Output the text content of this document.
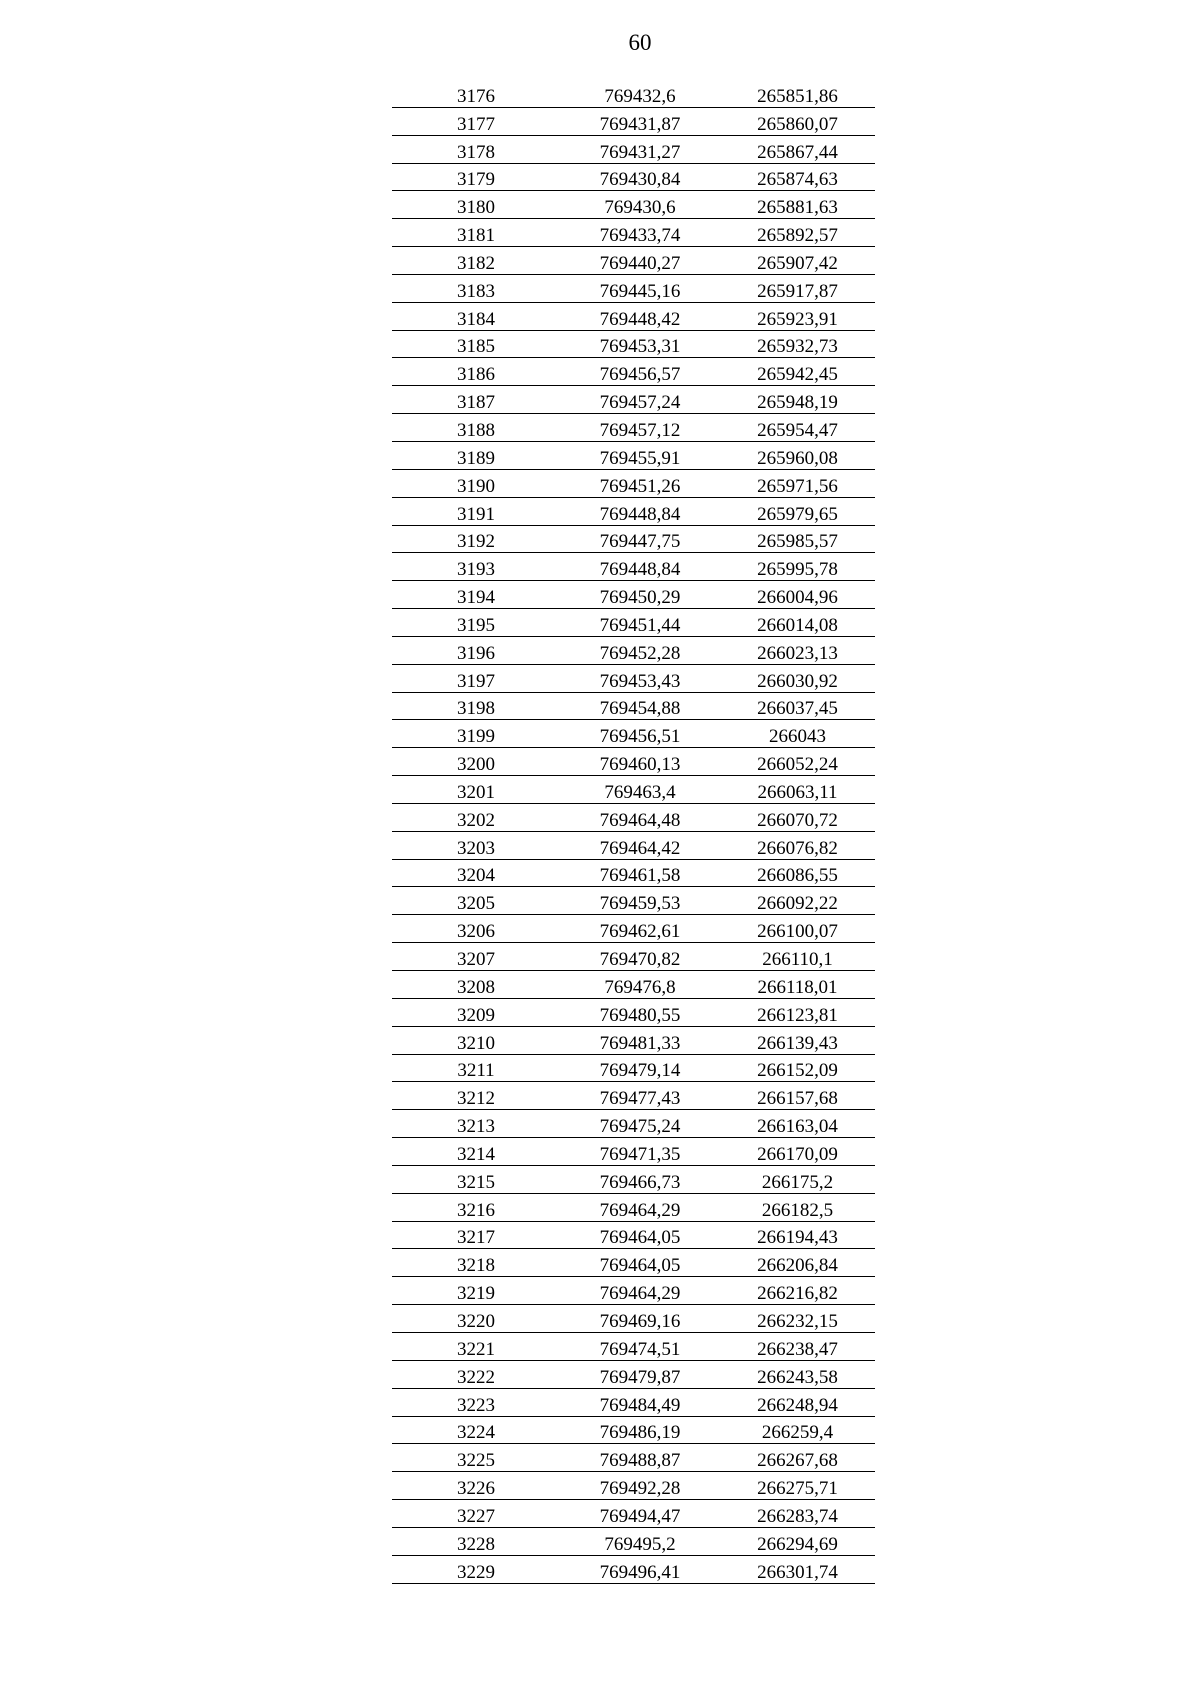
60
3176	769432,6	265851,86
3177	769431,87	265860,07
3178	769431,27	265867,44
3179	769430,84	265874,63
3180	769430,6	265881,63
3181	769433,74	265892,57
3182	769440,27	265907,42
3183	769445,16	265917,87
3184	769448,42	265923,91
3185	769453,31	265932,73
3186	769456,57	265942,45
3187	769457,24	265948,19
3188	769457,12	265954,47
3189	769455,91	265960,08
3190	769451,26	265971,56
3191	769448,84	265979,65
3192	769447,75	265985,57
3193	769448,84	265995,78
3194	769450,29	266004,96
3195	769451,44	266014,08
3196	769452,28	266023,13
3197	769453,43	266030,92
3198	769454,88	266037,45
3199	769456,51	266043
3200	769460,13	266052,24
3201	769463,4	266063,11
3202	769464,48	266070,72
3203	769464,42	266076,82
3204	769461,58	266086,55
3205	769459,53	266092,22
3206	769462,61	266100,07
3207	769470,82	266110,1
3208	769476,8	266118,01
3209	769480,55	266123,81
3210	769481,33	266139,43
3211	769479,14	266152,09
3212	769477,43	266157,68
3213	769475,24	266163,04
3214	769471,35	266170,09
3215	769466,73	266175,2
3216	769464,29	266182,5
3217	769464,05	266194,43
3218	769464,05	266206,84
3219	769464,29	266216,82
3220	769469,16	266232,15
3221	769474,51	266238,47
3222	769479,87	266243,58
3223	769484,49	266248,94
3224	769486,19	266259,4
3225	769488,87	266267,68
3226	769492,28	266275,71
3227	769494,47	266283,74
3228	769495,2	266294,69
3229	769496,41	266301,74
